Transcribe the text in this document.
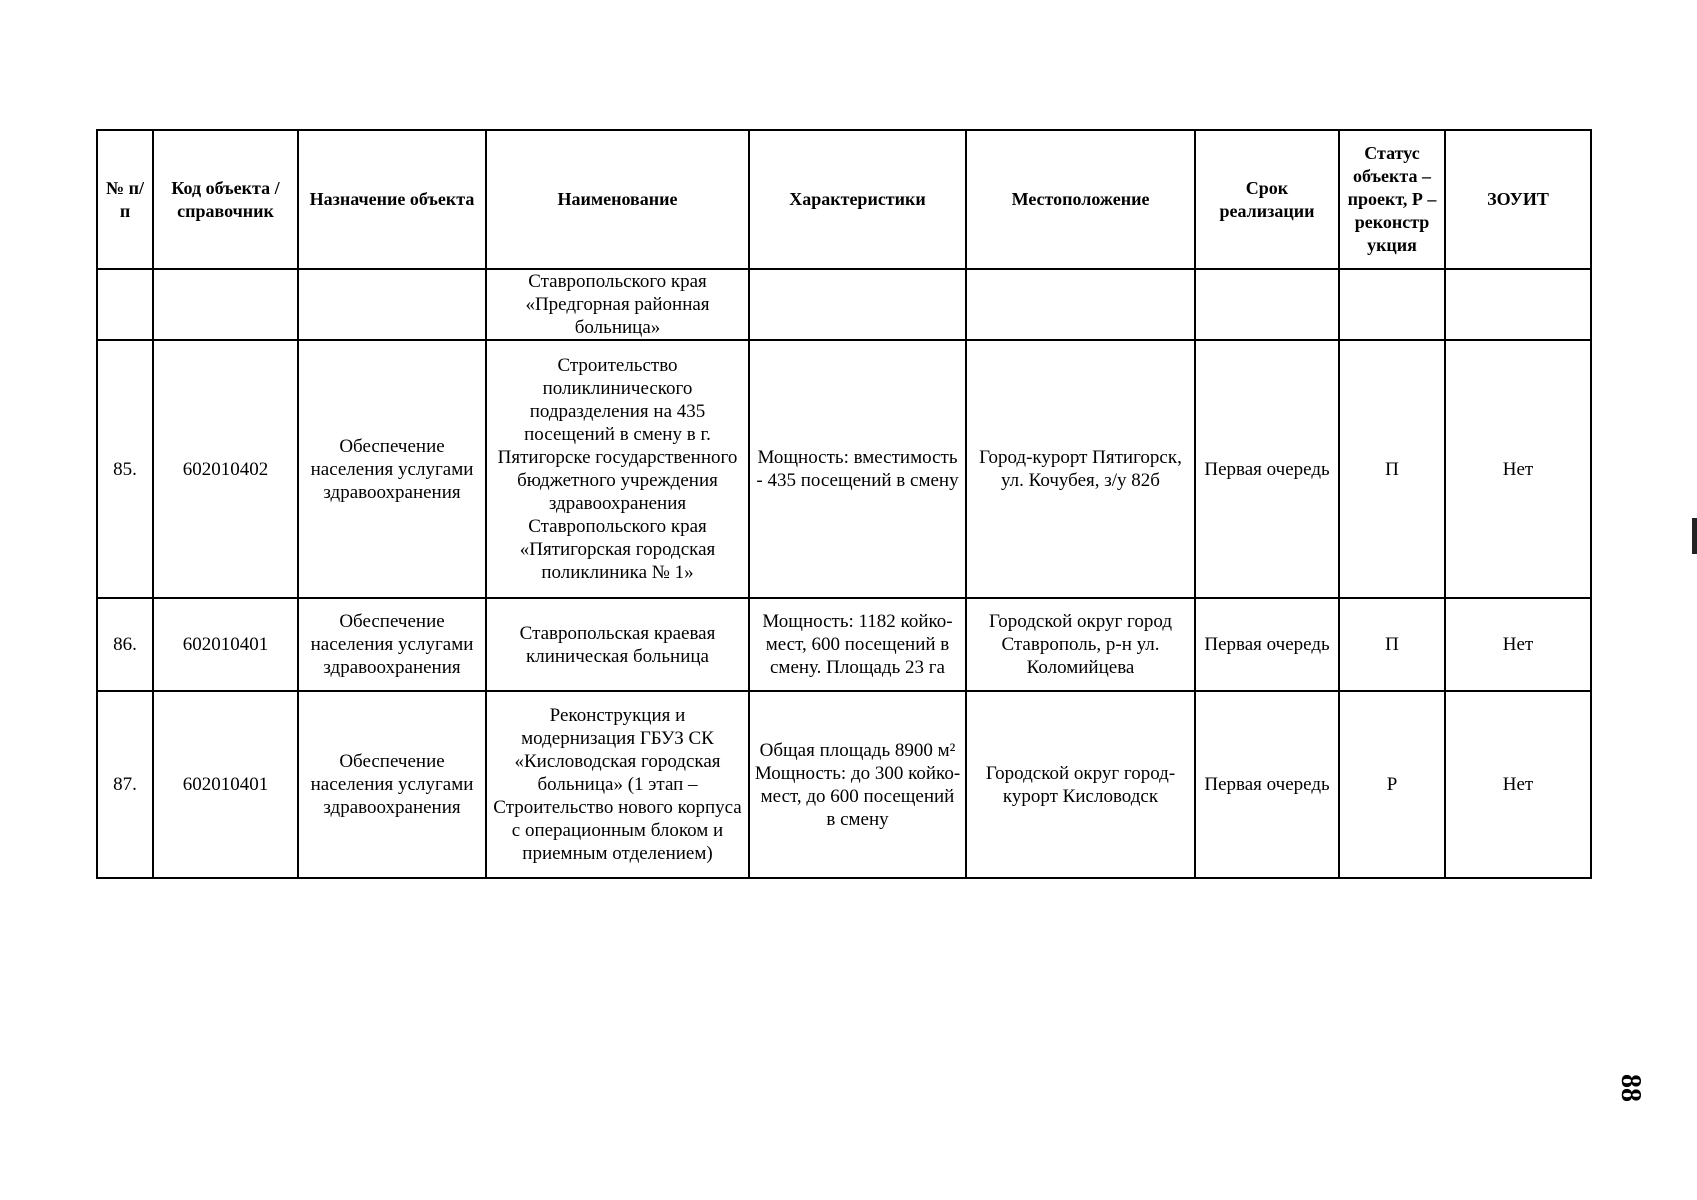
№ п/п	Код объекта / справочник	Назначение объекта	Наименование	Характеристики	Местоположение	Срок реализации	Статус объекта – проект, Р – реконстр укция	ЗОУИТ
			Ставропольского края «Предгорная районная больница»					
85.	602010402	Обеспечение населения услугами здравоохранения	Строительство поликлинического подразделения на 435 посещений в смену в г. Пятигорске государственного бюджетного учреждения здравоохранения Ставропольского края «Пятигорская городская поликлиника № 1»	Мощность: вместимость - 435 посещений в смену	Город-курорт Пятигорск, ул. Кочубея, з/у 82б	Первая очередь	П	Нет
86.	602010401	Обеспечение населения услугами здравоохранения	Ставропольская краевая клиническая больница	Мощность: 1182 койко-мест, 600 посещений в смену. Площадь 23 га	Городской округ город Ставрополь, р-н ул. Коломийцева	Первая очередь	П	Нет
87.	602010401	Обеспечение населения услугами здравоохранения	Реконструкция и модернизация ГБУЗ СК «Кисловодская городская больница» (1 этап – Строительство нового корпуса с операционным блоком и приемным отделением)	Общая площадь 8900 м² Мощность: до 300 койко-мест, до 600 посещений в смену	Городской округ город-курорт Кисловодск	Первая очередь	Р	Нет
88
